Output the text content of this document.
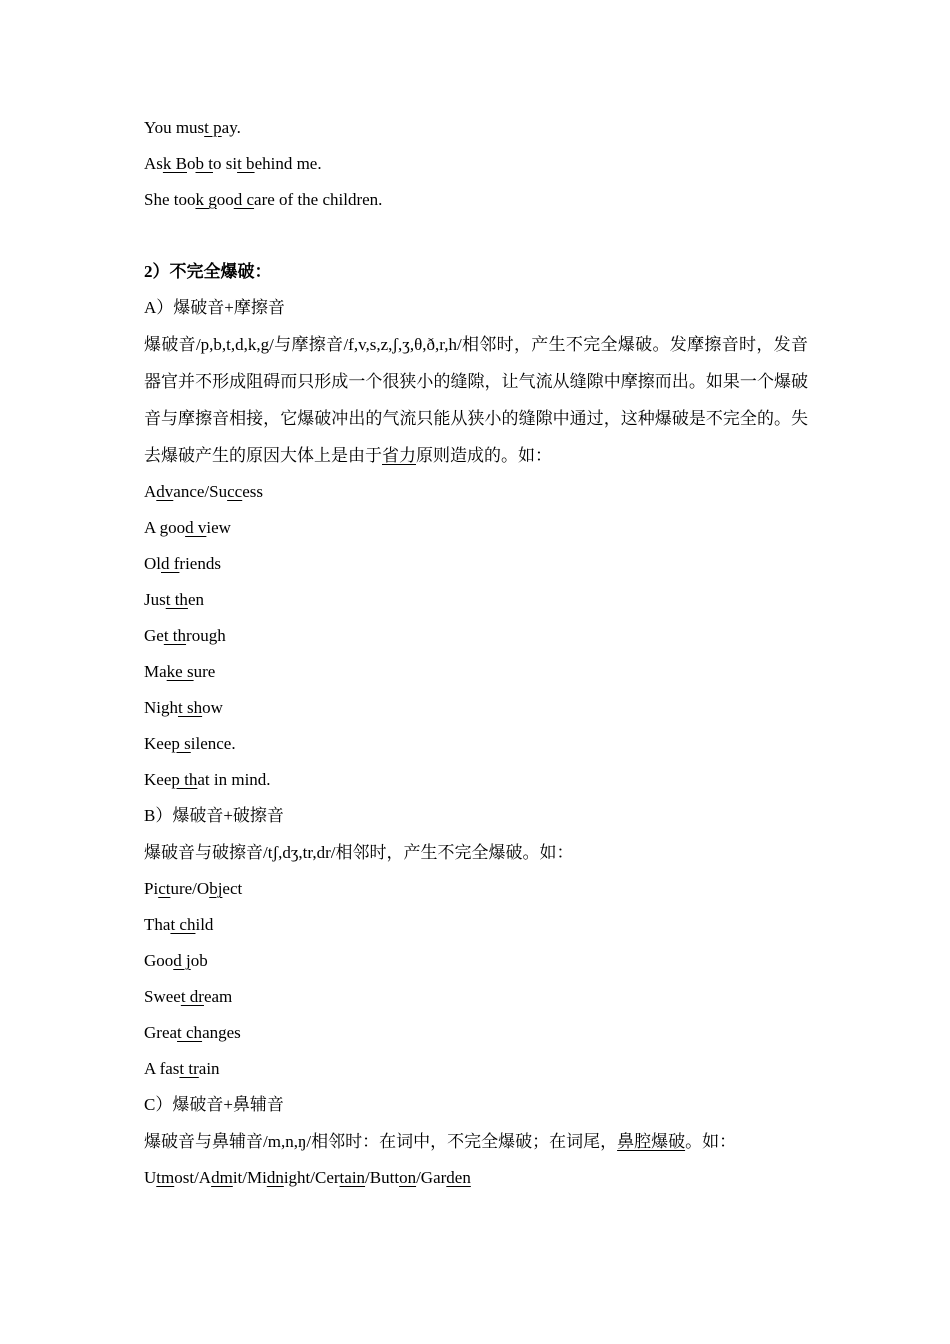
You must pay.
Ask Bob to sit behind me.
She took good care of the children.
2）不完全爆破：
A）爆破音+摩擦音
爆破音/p,b,t,d,k,g/与摩擦音/f,v,s,z,ʃ,ʒ,θ,ð,r,h/相邻时，产生不完全爆破。发摩擦音时，发音器官并不形成阻碍而只形成一个很狭小的缝隙，让气流从缝隙中摩擦而出。如果一个爆破音与摩擦音相接，它爆破冲出的气流只能从狭小的缝隙中通过，这种爆破是不完全的。失去爆破产生的原因大体上是由于省力原则造成的。如：
Advance/Success
A good view
Old friends
Just then
Get through
Make sure
Night show
Keep silence.
Keep that in mind.
B）爆破音+破擦音
爆破音与破擦音/tʃ,dʒ,tr,dr/相邻时，产生不完全爆破。如：
Picture/Object
That child
Good job
Sweet dream
Great changes
A fast train
C）爆破音+鼻辅音
爆破音与鼻辅音/m,n,ŋ/相邻时：在词中，不完全爆破；在词尾，鼻腔爆破。如：
Utmost/Admit/Midnight/Certain/Button/Garden
